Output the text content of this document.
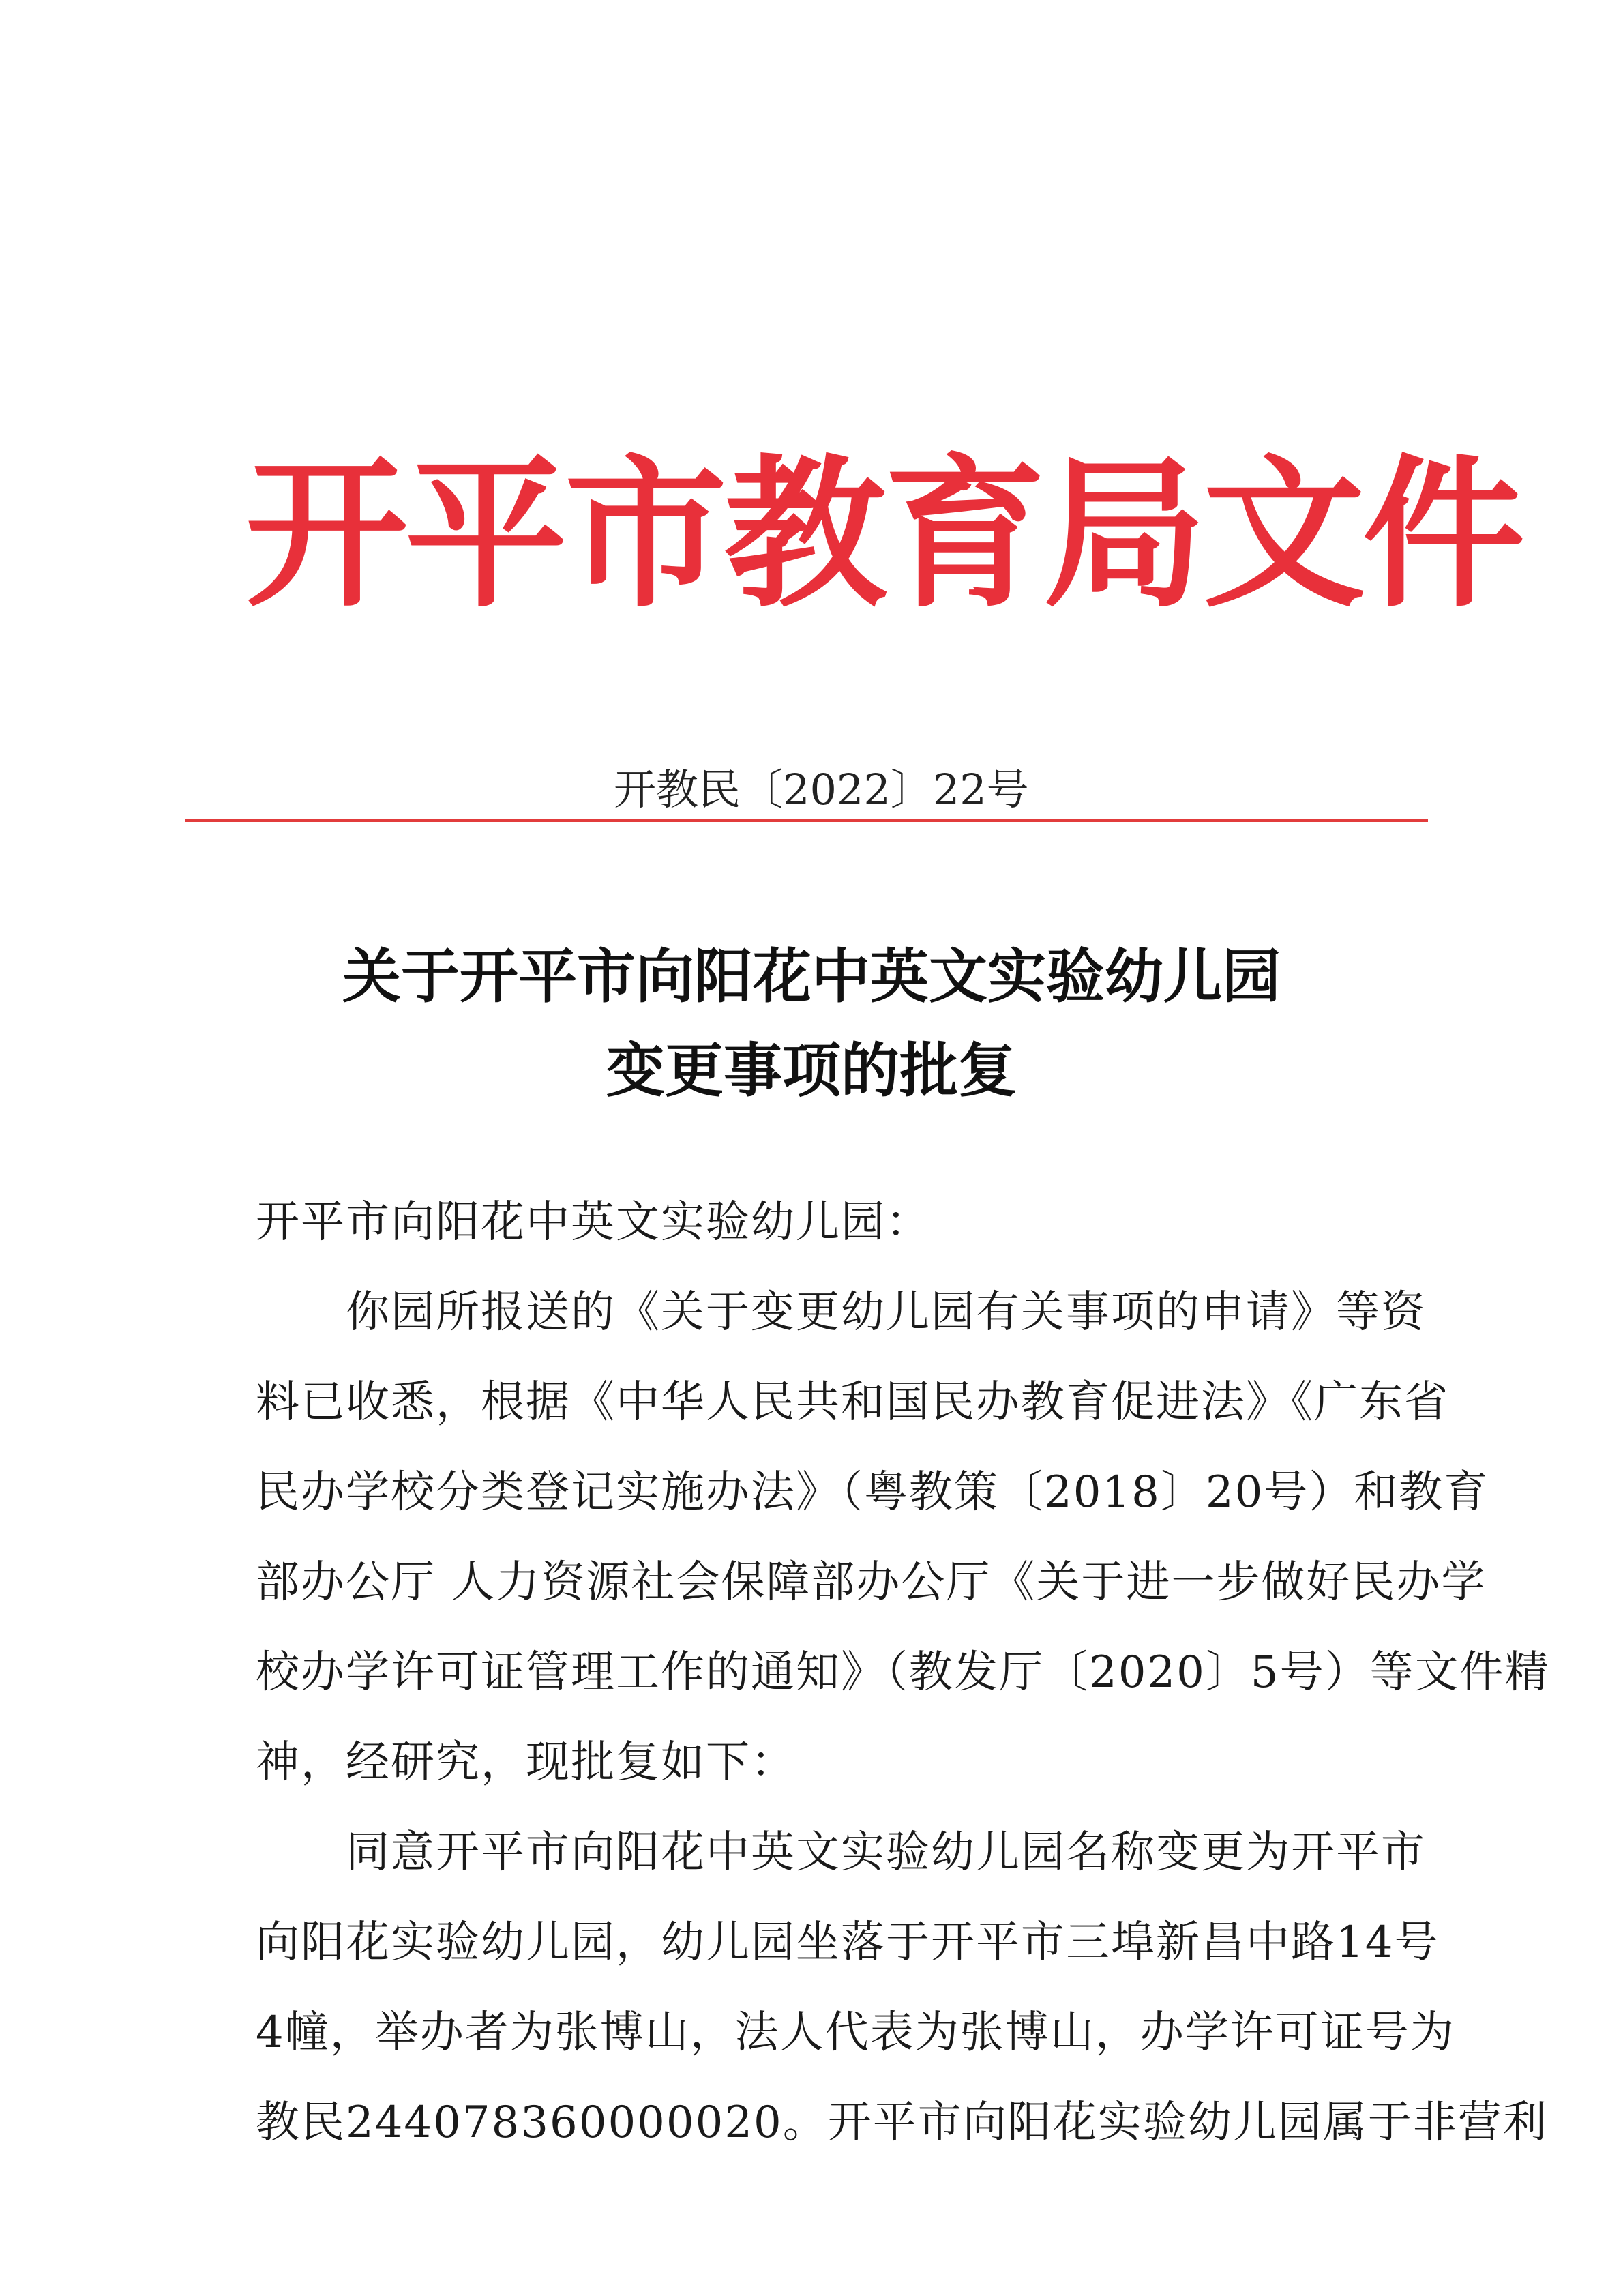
开平市教育局文件
开教民〔2022〕22号
关于开平市向阳花中英文实验幼儿园
变更事项的批复
开平市向阳花中英文实验幼儿园：
　　你园所报送的《关于变更幼儿园有关事项的申请》等资
料已收悉，根据《中华人民共和国民办教育促进法》《广东省
民办学校分类登记实施办法》（粤教策〔2018〕20号）和教育
部办公厅 人力资源社会保障部办公厅《关于进一步做好民办学
校办学许可证管理工作的通知》（教发厅〔2020〕5号）等文件精
神，经研究，现批复如下：
　　同意开平市向阳花中英文实验幼儿园名称变更为开平市
向阳花实验幼儿园，幼儿园坐落于开平市三埠新昌中路14号
4幢，举办者为张博山，法人代表为张博山，办学许可证号为
教民244078360000020。开平市向阳花实验幼儿园属于非营利
